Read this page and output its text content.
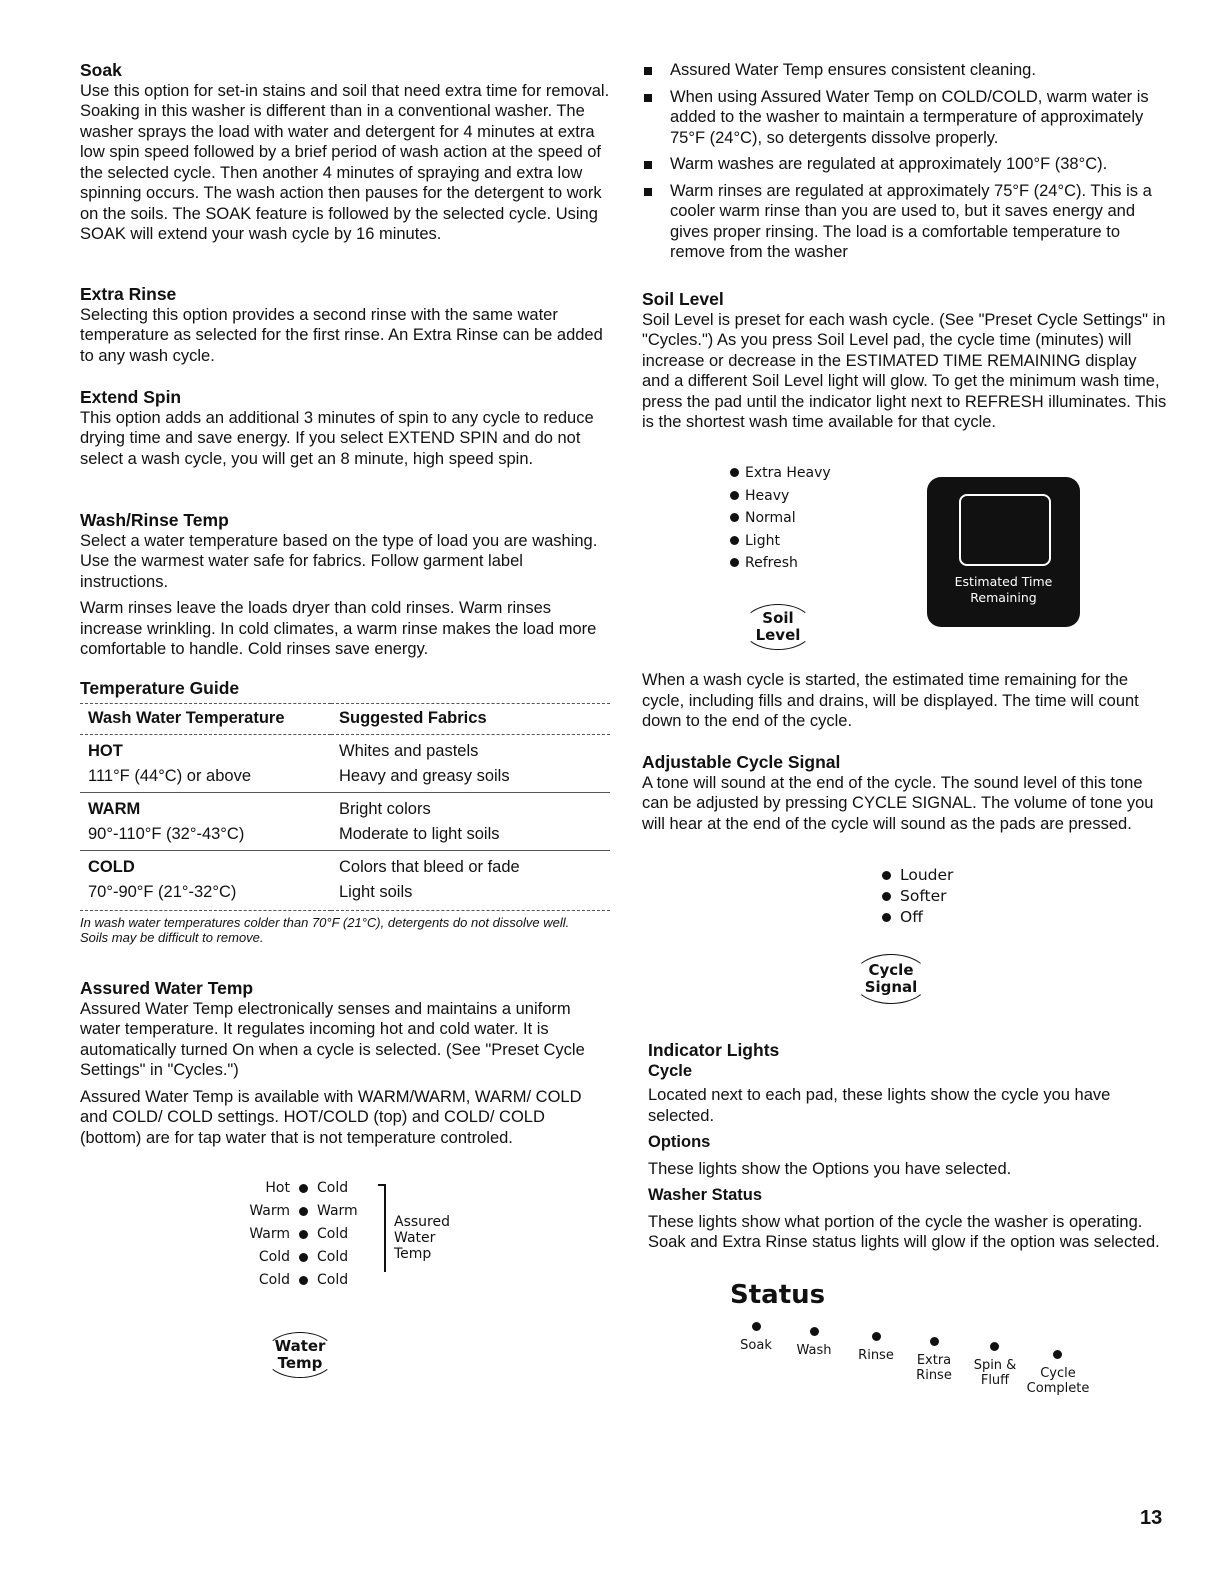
Soak

Use this option for set-in stains and soil that need extra time for removal. Soaking in this washer is different than in a conventional washer. The washer sprays the load with water and detergent for 4 minutes at extra low spin speed followed by a brief period of wash action at the speed of the selected cycle. Then another 4 minutes of spraying and extra low spinning occurs. The wash action then pauses for the detergent to work on the soils. The SOAK feature is followed by the selected cycle. Using SOAK will extend your wash cycle by 16 minutes.

Extra Rinse

Selecting this option provides a second rinse with the same water temperature as selected for the first rinse. An Extra Rinse can be added to any wash cycle.

Extend Spin

This option adds an additional 3 minutes of spin to any cycle to reduce drying time and save energy. If you select EXTEND SPIN and do not select a wash cycle, you will get an 8 minute, high speed spin.

Wash/Rinse Temp

Select a water temperature based on the type of load you are washing. Use the warmest water safe for fabrics. Follow garment label instructions.

Warm rinses leave the loads dryer than cold rinses. Warm rinses increase wrinkling. In cold climates, a warm rinse makes the load more comfortable to handle. Cold rinses save energy.

Temperature Guide
Wash Water Temperature	Suggested Fabrics
HOT	Whites and pastels
111°F (44°C) or above	Heavy and greasy soils
WARM	Bright colors
90°-110°F (32°-43°C)	Moderate to light soils
COLD	Colors that bleed or fade
70°-90°F (21°-32°C)	Light soils

In wash water temperatures colder than 70°F (21°C), detergents do not dissolve well. Soils may be difficult to remove.

Assured Water Temp

Assured Water Temp electronically senses and maintains a uniform water temperature. It regulates incoming hot and cold water. It is automatically turned On when a cycle is selected. (See "Preset Cycle Settings" in "Cycles.")

Assured Water Temp is available with WARM/WARM, WARM/ COLD and COLD/ COLD settings. HOT/COLD (top) and COLD/ COLD (bottom) are for tap water that is not temperature controled.

Hot Cold
Warm Warm
Warm Cold
Cold Cold
Cold Cold
Assured
Water
Temp
Water
Temp
Assured Water Temp ensures consistent cleaning.
When using Assured Water Temp on COLD/COLD, warm water is added to the washer to maintain a termperature of approximately 75°F (24°C), so detergents dissolve properly.
Warm washes are regulated at approximately 100°F (38°C).
Warm rinses are regulated at approximately 75°F (24°C). This is a cooler warm rinse than you are used to, but it saves energy and gives proper rinsing. The load is a comfortable temperature to remove from the washer
Soil Level

Soil Level is preset for each wash cycle. (See "Preset Cycle Settings" in "Cycles.") As you press Soil Level pad, the cycle time (minutes) will increase or decrease in the ESTIMATED TIME REMAINING display and a different Soil Level light will glow. To get the minimum wash time, press the pad until the indicator light next to REFRESH illuminates. This is the shortest wash time available for that cycle.

Extra Heavy
Heavy
Normal
Light
Refresh
Soil
Level
Estimated Time
Remaining
When a wash cycle is started, the estimated time remaining for the cycle, including fills and drains, will be displayed. The time will count down to the end of the cycle.
Adjustable Cycle Signal

A tone will sound at the end of the cycle. The sound level of this tone can be adjusted by pressing CYCLE SIGNAL. The volume of tone you will hear at the end of the cycle will sound as the pads are pressed.

Louder
Softer
Off
Cycle
Signal
Indicator Lights
Cycle

Located next to each pad, these lights show the cycle you have selected.

Options

These lights show the Options you have selected.

Washer Status

These lights show what portion of the cycle the washer is operating. Soak and Extra Rinse status lights will glow if the option was selected.

Status
Soak	Wash	Rinse	Extra
Rinse
Spin &
Fluff	Cycle
Complete
13
